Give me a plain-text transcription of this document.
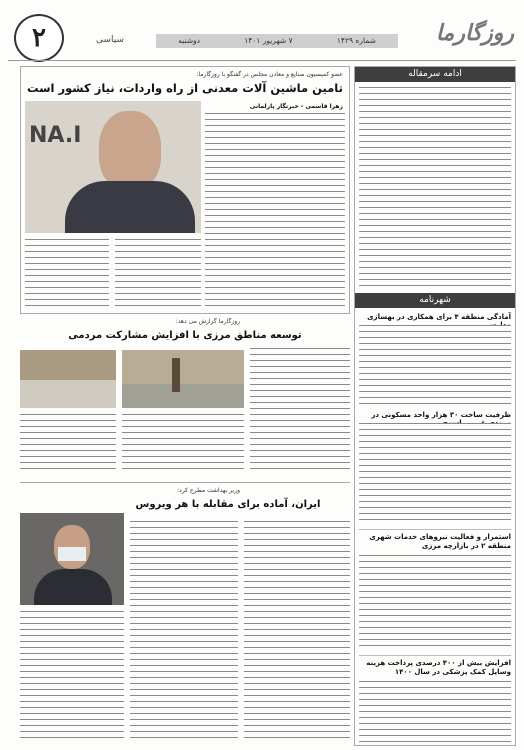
۲	سیاسی	شماره ۱۴۲۹
۷ شهریور ۱۴۰۱
دوشنبه	روزگارما
ادامه سرمقاله
شهرنامه
آمادگی منطقه ۴ برای همکاری در بهسازی
ظرفیت ساخت ۳۰ هزار واحد مسکونی در
استمرار و فعالیت نیروهای خدمات شهری منطقه ۲ در بازارچه مرزی
افزایش بیش از ۴۰۰ درصدی پرداخت هزینه وسایل کمک پزشکی در سال ۱۴۰۰
عضو کمیسیون صنایع و معادن مجلس در گفتگو با روزگارما:
تامین ماشین آلات معدنی از راه واردات، نیاز کشور است
NA.I
زهرا قاسمی - خبرنگار پارلمانی
روزگارما گزارش می دهد:
توسعه مناطق مرزی با افزایش مشارکت مردمی
وزیر بهداشت مطرح کرد:
ایران، آماده برای مقابله با هر ویروس
